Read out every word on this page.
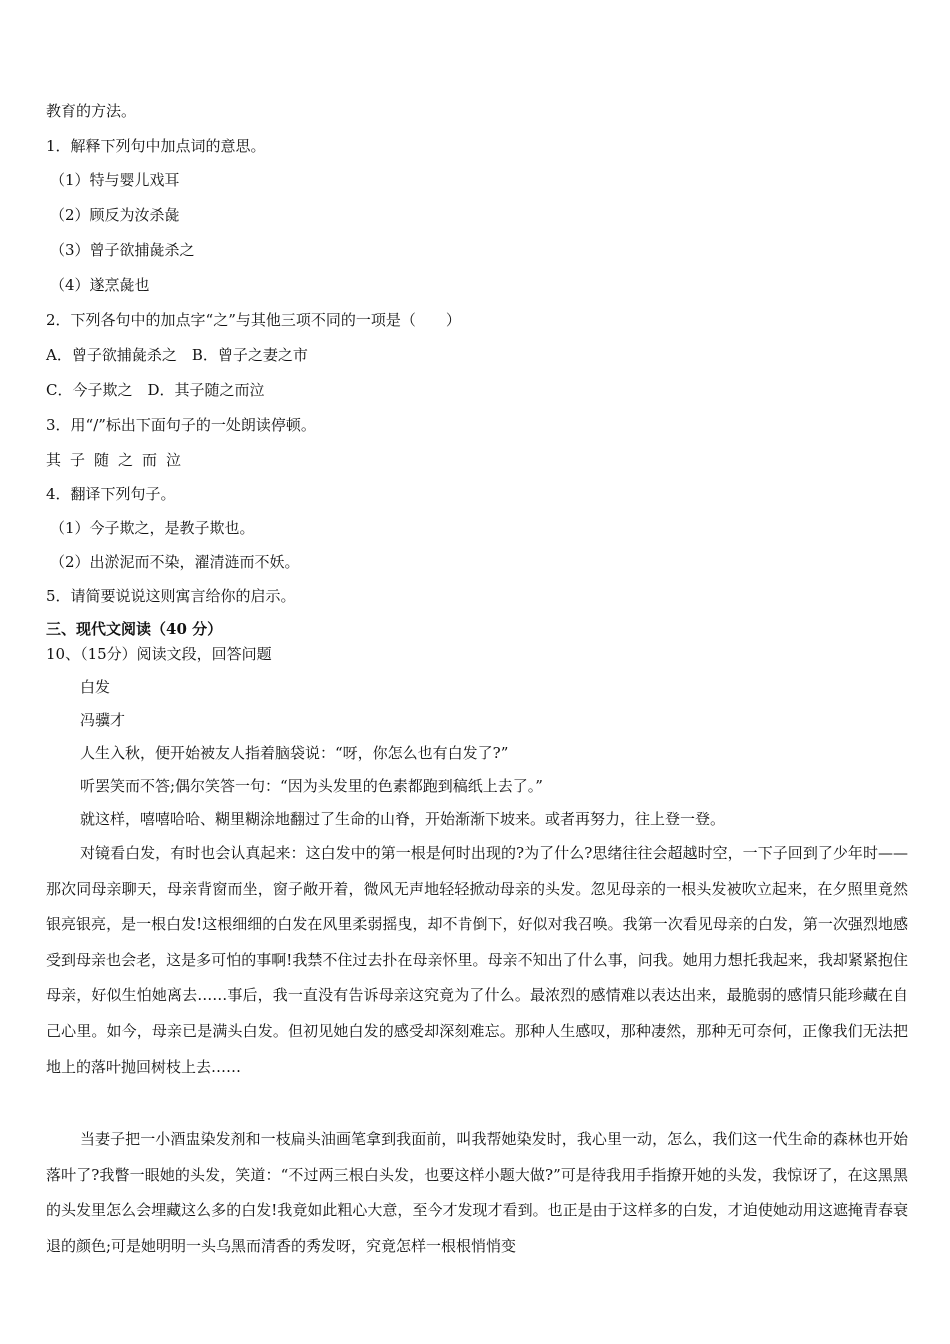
教育的方法。
1．解释下列句中加点词的意思。
（1）特与婴儿戏耳
（2）顾反为汝杀彘
（3）曾子欲捕彘杀之
（4）遂烹彘也
2．下列各句中的加点字“之”与其他三项不同的一项是（　　）
A．曾子欲捕彘杀之　B．曾子之妻之市
C．今子欺之　D．其子随之而泣
3．用“/”标出下面句子的一处朗读停顿。
其子随之而泣
4．翻译下列句子。
（1）今子欺之，是教子欺也。
（2）出淤泥而不染，濯清涟而不妖。
5．请简要说说这则寓言给你的启示。
三、现代文阅读（40 分）
10、（15分）阅读文段，回答问题
白发
冯骥才
人生入秋，便开始被友人指着脑袋说：“呀，你怎么也有白发了?”
听罢笑而不答;偶尔笑答一句：“因为头发里的色素都跑到稿纸上去了。”
就这样，嘻嘻哈哈、糊里糊涂地翻过了生命的山脊，开始渐渐下坡来。或者再努力，往上登一登。
对镜看白发，有时也会认真起来：这白发中的第一根是何时出现的?为了什么?思绪往往会超越时空，一下子回到了少年时——那次同母亲聊天，母亲背窗而坐，窗子敞开着，微风无声地轻轻掀动母亲的头发。忽见母亲的一根头发被吹立起来，在夕照里竟然银亮银亮，是一根白发!这根细细的白发在风里柔弱摇曳，却不肯倒下，好似对我召唤。我第一次看见母亲的白发，第一次强烈地感受到母亲也会老，这是多可怕的事啊!我禁不住过去扑在母亲怀里。母亲不知出了什么事，问我。她用力想托我起来，我却紧紧抱住母亲，好似生怕她离去……事后，我一直没有告诉母亲这究竟为了什么。最浓烈的感情难以表达出来，最脆弱的感情只能珍藏在自己心里。如今，母亲已是满头白发。但初见她白发的感受却深刻难忘。那种人生感叹，那种凄然，那种无可奈何，正像我们无法把地上的落叶抛回树枝上去……
当妻子把一小酒盅染发剂和一枝扁头油画笔拿到我面前，叫我帮她染发时，我心里一动，怎么，我们这一代生命的森林也开始落叶了?我瞥一眼她的头发，笑道：“不过两三根白头发，也要这样小题大做?”可是待我用手指撩开她的头发，我惊讶了，在这黑黑的头发里怎么会埋藏这么多的白发!我竟如此粗心大意，至今才发现才看到。也正是由于这样多的白发，才迫使她动用这遮掩青春衰退的颜色;可是她明明一头乌黑而清香的秀发呀，究竟怎样一根根悄悄变
